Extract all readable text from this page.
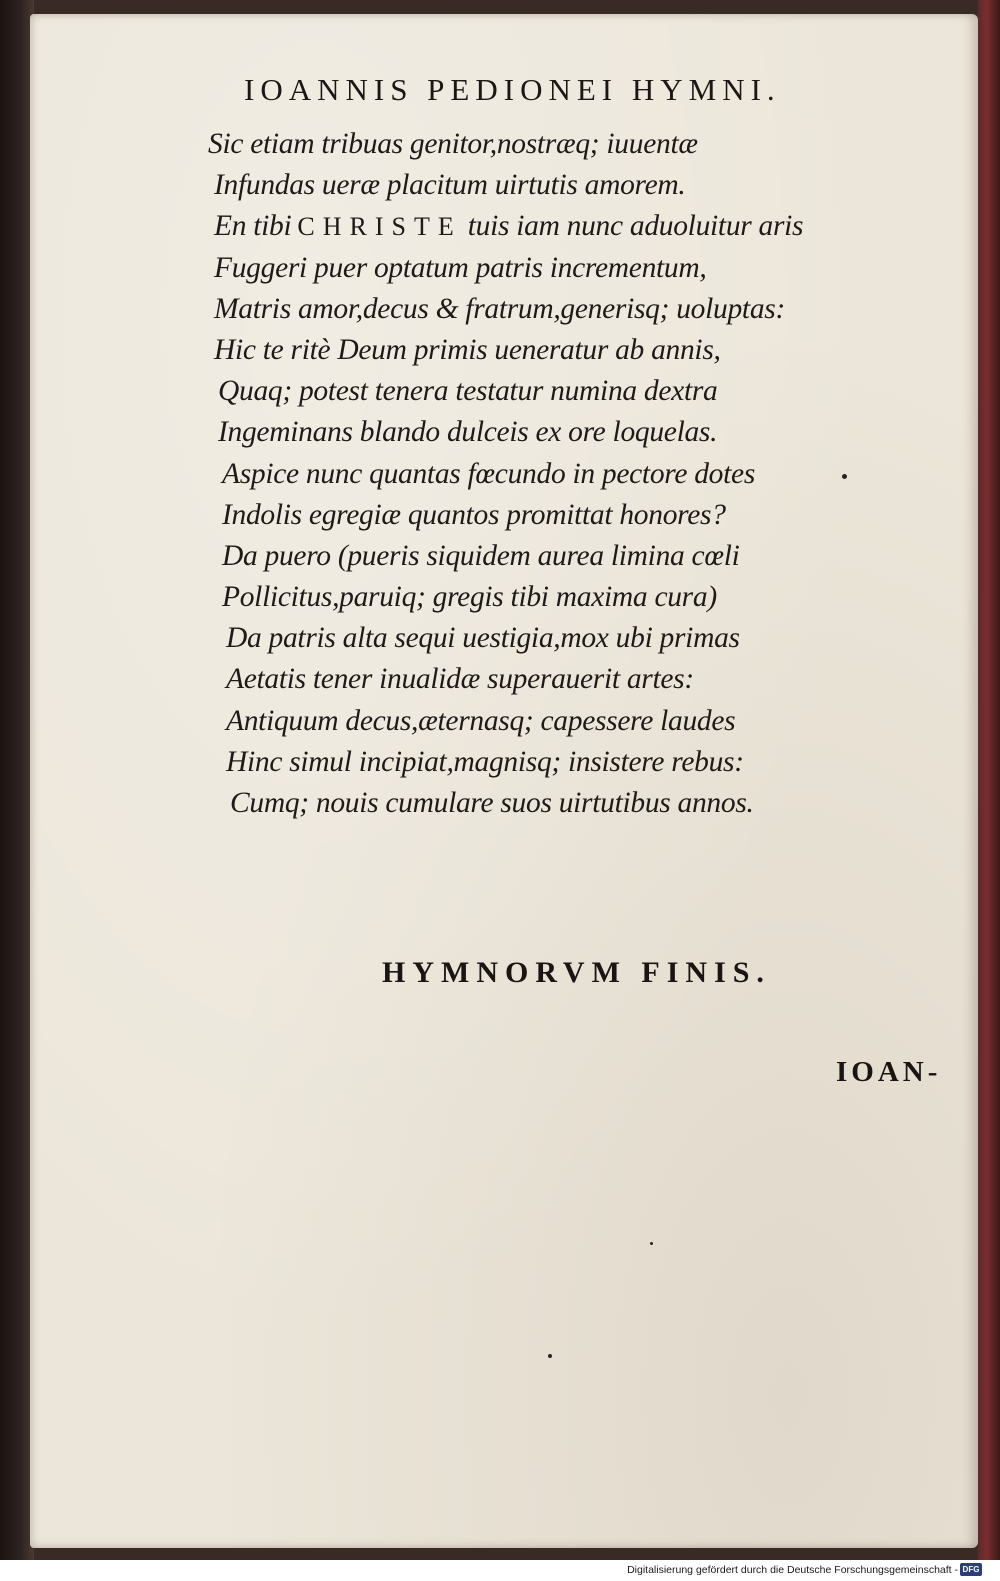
IOANNIS PEDIONEI HYMNI.
Sic etiam tribuas genitor,nostræq; iuuentæ
Infundas ueræ placitum uirtutis amorem.
En tibi CHRISTE tuis iam nunc aduoluitur aris
Fuggeri puer optatum patris incrementum,
Matris amor,decus & fratrum,generisq; uoluptas:
Hic te ritè Deum primis ueneratur ab annis,
Quaq; potest tenera testatur numina dextra
Ingeminans blando dulceis ex ore loquelas.
Aspice nunc quantas fœcundo in pectore dotes
Indolis egregiæ quantos promittat honores?
Da puero (pueris siquidem aurea limina cœli
Pollicitus,paruiq; gregis tibi maxima cura)
Da patris alta sequi uestigia,mox ubi primas
Aetatis tener inualidæ superauerit artes:
Antiquum decus,æternasq; capessere laudes
Hinc simul incipiat,magnisq; insistere rebus:
Cumq; nouis cumulare suos uirtutibus annos.
HYMNORVM FINIS.
IOAN-
Digitalisierung gefördert durch die Deutsche Forschungsgemeinschaft - DFG
